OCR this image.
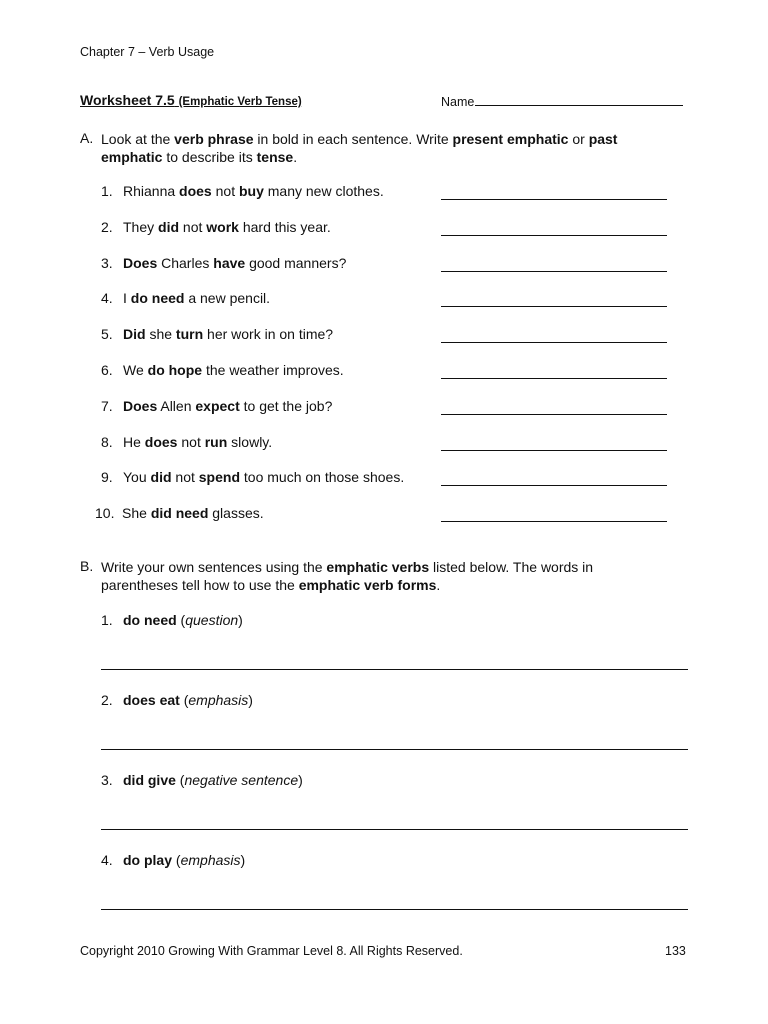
Chapter 7 – Verb Usage
Worksheet 7.5 (Emphatic Verb Tense)	Name
A. Look at the verb phrase in bold in each sentence. Write present emphatic or past emphatic to describe its tense.
1. Rhianna does not buy many new clothes.
2. They did not work hard this year.
3. Does Charles have good manners?
4. I do need a new pencil.
5. Did she turn her work in on time?
6. We do hope the weather improves.
7. Does Allen expect to get the job?
8. He does not run slowly.
9. You did not spend too much on those shoes.
10. She did need glasses.
B. Write your own sentences using the emphatic verbs listed below. The words in parentheses tell how to use the emphatic verb forms.
1. do need (question)
2. does eat (emphasis)
3. did give (negative sentence)
4. do play (emphasis)
Copyright 2010 Growing With Grammar Level 8. All Rights Reserved.	133
